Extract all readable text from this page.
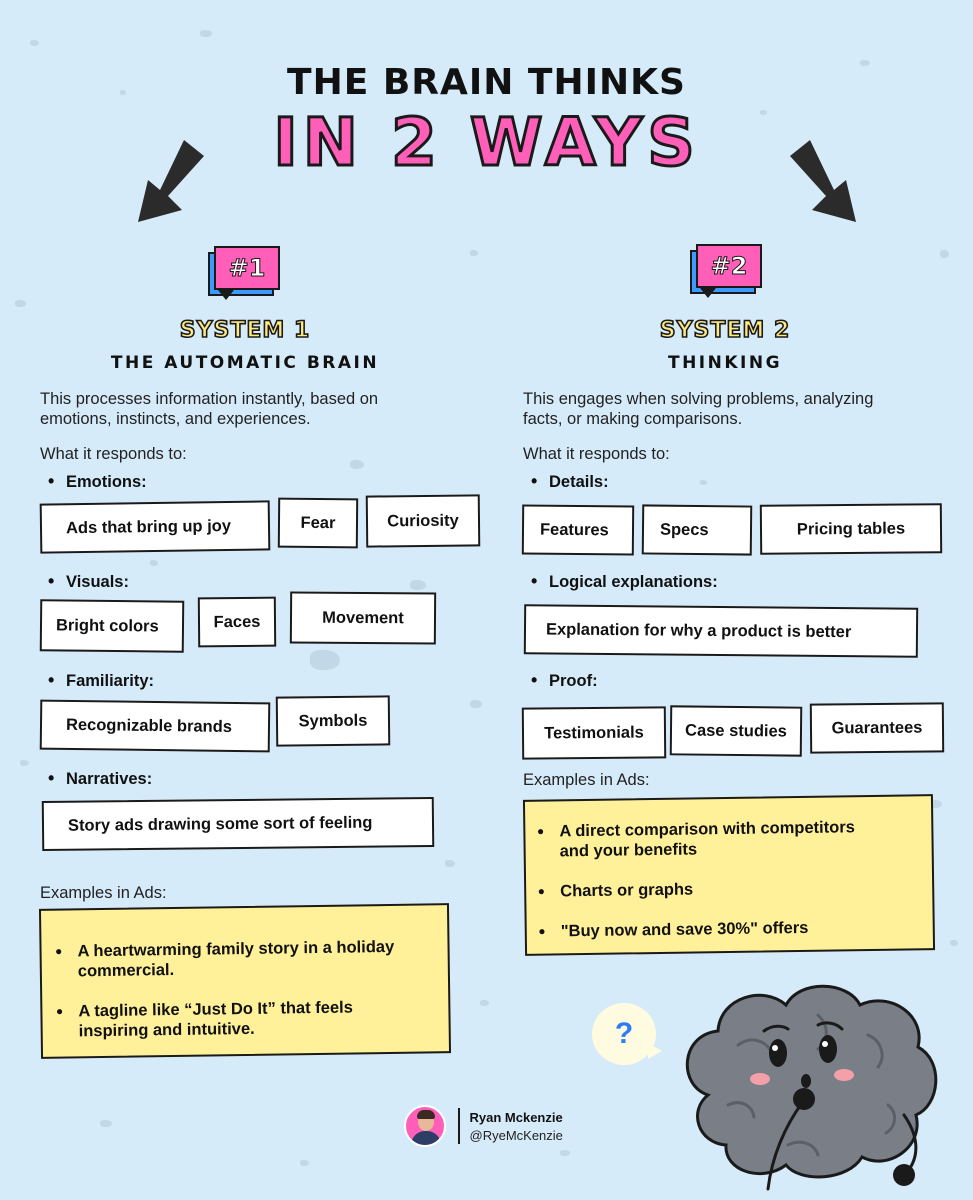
THE BRAIN THINKS
IN 2 WAYS
#1
SYSTEM 1
THE AUTOMATIC BRAIN
This processes information instantly, based on
emotions, instincts, and experiences.
What it responds to:
• Emotions:
Ads that bring up joy	Fear	Curiosity
• Visuals:
Bright colors	Faces	Movement
• Familiarity:
Recognizable brands	Symbols
• Narratives:
Story ads drawing some sort of feeling
Examples in Ads:
• A heartwarming family story in a holiday
commercial.
• A tagline like “Just Do It” that feels
inspiring and intuitive.
#2
SYSTEM 2
THINKING
This engages when solving problems, analyzing
facts, or making comparisons.
What it responds to:
• Details:
Features	Specs	Pricing tables
• Logical explanations:
Explanation for why a product is better
• Proof:
Testimonials	Case studies	Guarantees
Examples in Ads:
• A direct comparison with competitors
and your benefits
• Charts or graphs
• "Buy now and save 30%" offers
?
Ryan Mckenzie
@RyeMcKenzie
